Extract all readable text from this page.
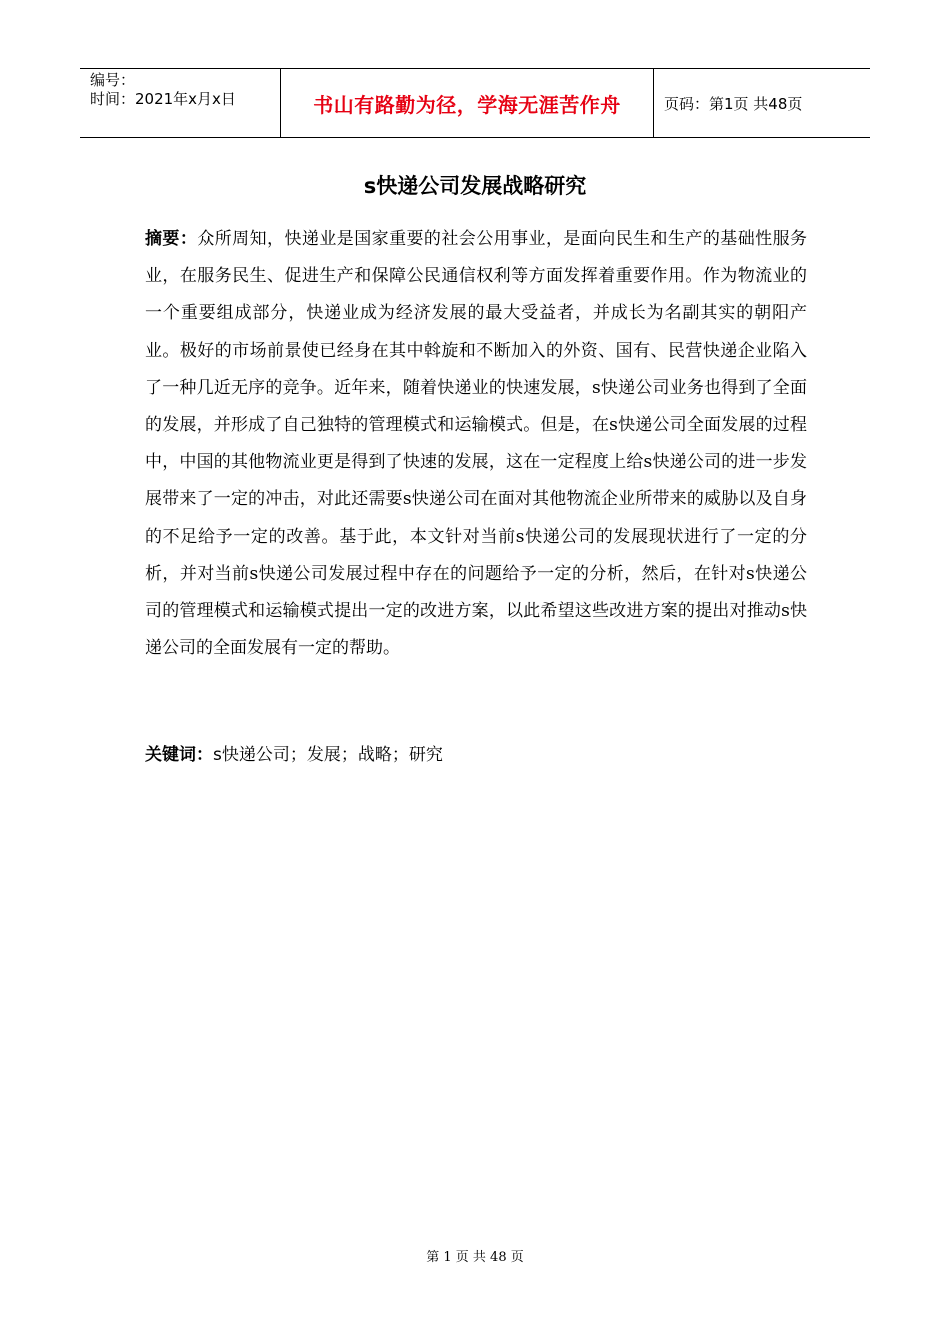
编号：
时间：2021年x月x日	书山有路勤为径，学海无涯苦作舟	页码：第1页 共48页
s快递公司发展战略研究

摘要：众所周知，快递业是国家重要的社会公用事业，是面向民生和生产的基础性服务业，在服务民生、促进生产和保障公民通信权利等方面发挥着重要作用。作为物流业的一个重要组成部分，快递业成为经济发展的最大受益者，并成长为名副其实的朝阳产业。极好的市场前景使已经身在其中斡旋和不断加入的外资、国有、民营快递企业陷入了一种几近无序的竞争。近年来，随着快递业的快速发展，s快递公司业务也得到了全面的发展，并形成了自己独特的管理模式和运输模式。但是，在s快递公司全面发展的过程中，中国的其他物流业更是得到了快速的发展，这在一定程度上给s快递公司的进一步发展带来了一定的冲击，对此还需要s快递公司在面对其他物流企业所带来的威胁以及自身的不足给予一定的改善。基于此，本文针对当前s快递公司的发展现状进行了一定的分析，并对当前s快递公司发展过程中存在的问题给予一定的分析，然后，在针对s快递公司的管理模式和运输模式提出一定的改进方案，以此希望这些改进方案的提出对推动s快递公司的全面发展有一定的帮助。

关键词：s快递公司；发展；战略；研究
第 1 页 共 48 页
